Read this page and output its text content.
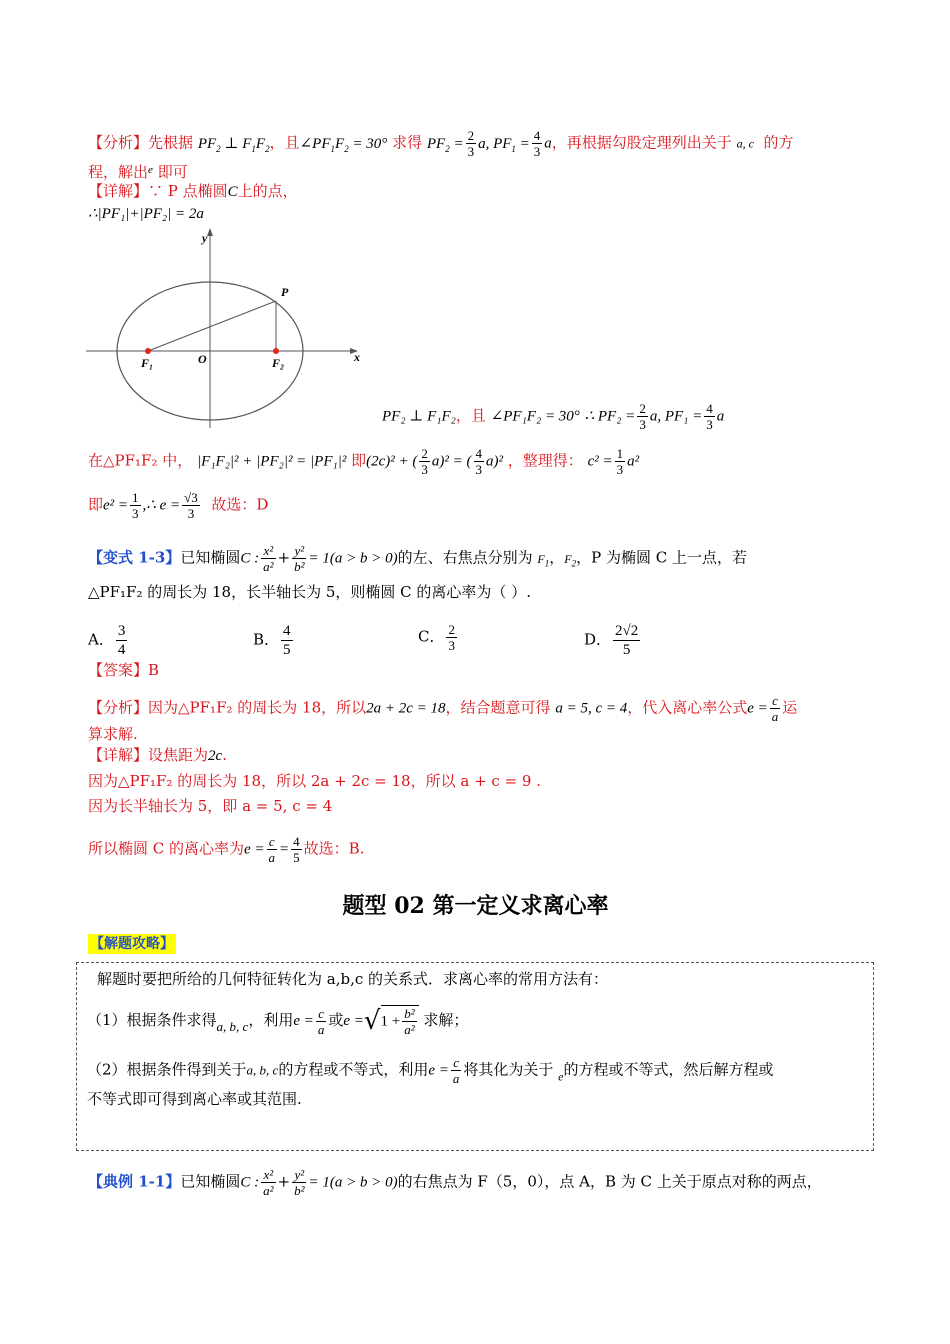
【分析】先根据 $PF_2$ ⊥ $F_1F_2$，且$\angle PF_1F_2 = 30^\circ$ 求得 $PF_2 = \frac{2}{3} a$, $PF_1 = \frac{4}{3}$ a，再根据勾股定理列出关于 a, c  的方
程，解出$^e$ 即可
【详解】∵ P 点椭圆C上的点，
∴|PF₁|+|PF₂| = 2a
y
x
P
O
F₁	F₂
PF₂ ⊥ F₁F₂，且 ∠PF₁F₂ = 30° ∴ $PF_2 = \frac{2}{3} a$, $PF_1 = \frac{4}{3}$ a
在△PF₁F₂ 中， |F₁F₂|² + |PF₂|² = |PF₁|² 即(2c)² + ( $\frac{2}{3} a)^2$ = ( $\frac{4}{3} a)^2$ ，整理得： $c^2 = \frac{1}{3} a^2$
即$e^2 = \frac{1}{3}$ ,∴ $e = \frac{√3}{3}$ 故选：D
【变式 1-3】已知椭圆C : $\frac{\text{x²}}{\text{a²}} + \frac{\text{y²}}{\text{b²}} = 1(a > b > 0)$的左、右焦点分别为 $F_1$，$F_2$，P 为椭圆 C 上一点，若
△PF₁F₂ 的周长为 18，长半轴长为 5，则椭圆 C 的离心率为（ ）.
A． $\frac{3}{4}$	B． $\frac{4}{5}$	C． $\frac{2}{3}$	D． $\frac{2√2}{5}$
【答案】B
【分析】因为△PF₁F₂ 的周长为 18，所以2a + 2c = 18，结合题意可得 a = 5, c = 4，代入离心率公式$e = \frac{c}{a}$ 运
算求解.
【详解】设焦距为2c.
因为△PF₁F₂ 的周长为 18，所以 2a + 2c = 18，所以 a + c = 9 .
因为长半轴长为 5，即 a = 5, c = 4
所以椭圆 C 的离心率为$e = \frac{c}{a} = \frac{4}{5}$ 故选：B.
题型 02 第一定义求离心率
【解题攻略】
解题时要把所给的几何特征转化为 a,b,c 的关系式．求离心率的常用方法有：
（1）根据条件求得a, b, c，利用$e = \frac{c}{a}$ 或$e =√1 + \frac{\text{b²}}{\text{a²}}$ 求解；
（2）根据条件得到关于a, b, c的方程或不等式，利用$e = \frac{c}{a}$ 将其化为关于 $_e$的方程或不等式，然后解方程或
不等式即可得到离心率或其范围.
【典例 1-1】已知椭圆C : $\frac{\text{x²}}{\text{a²}} + \frac{\text{y²}}{\text{b²}} = 1(a > b > 0)$的右焦点为 F（5，0），点 A，B 为 C 上关于原点对称的两点，
